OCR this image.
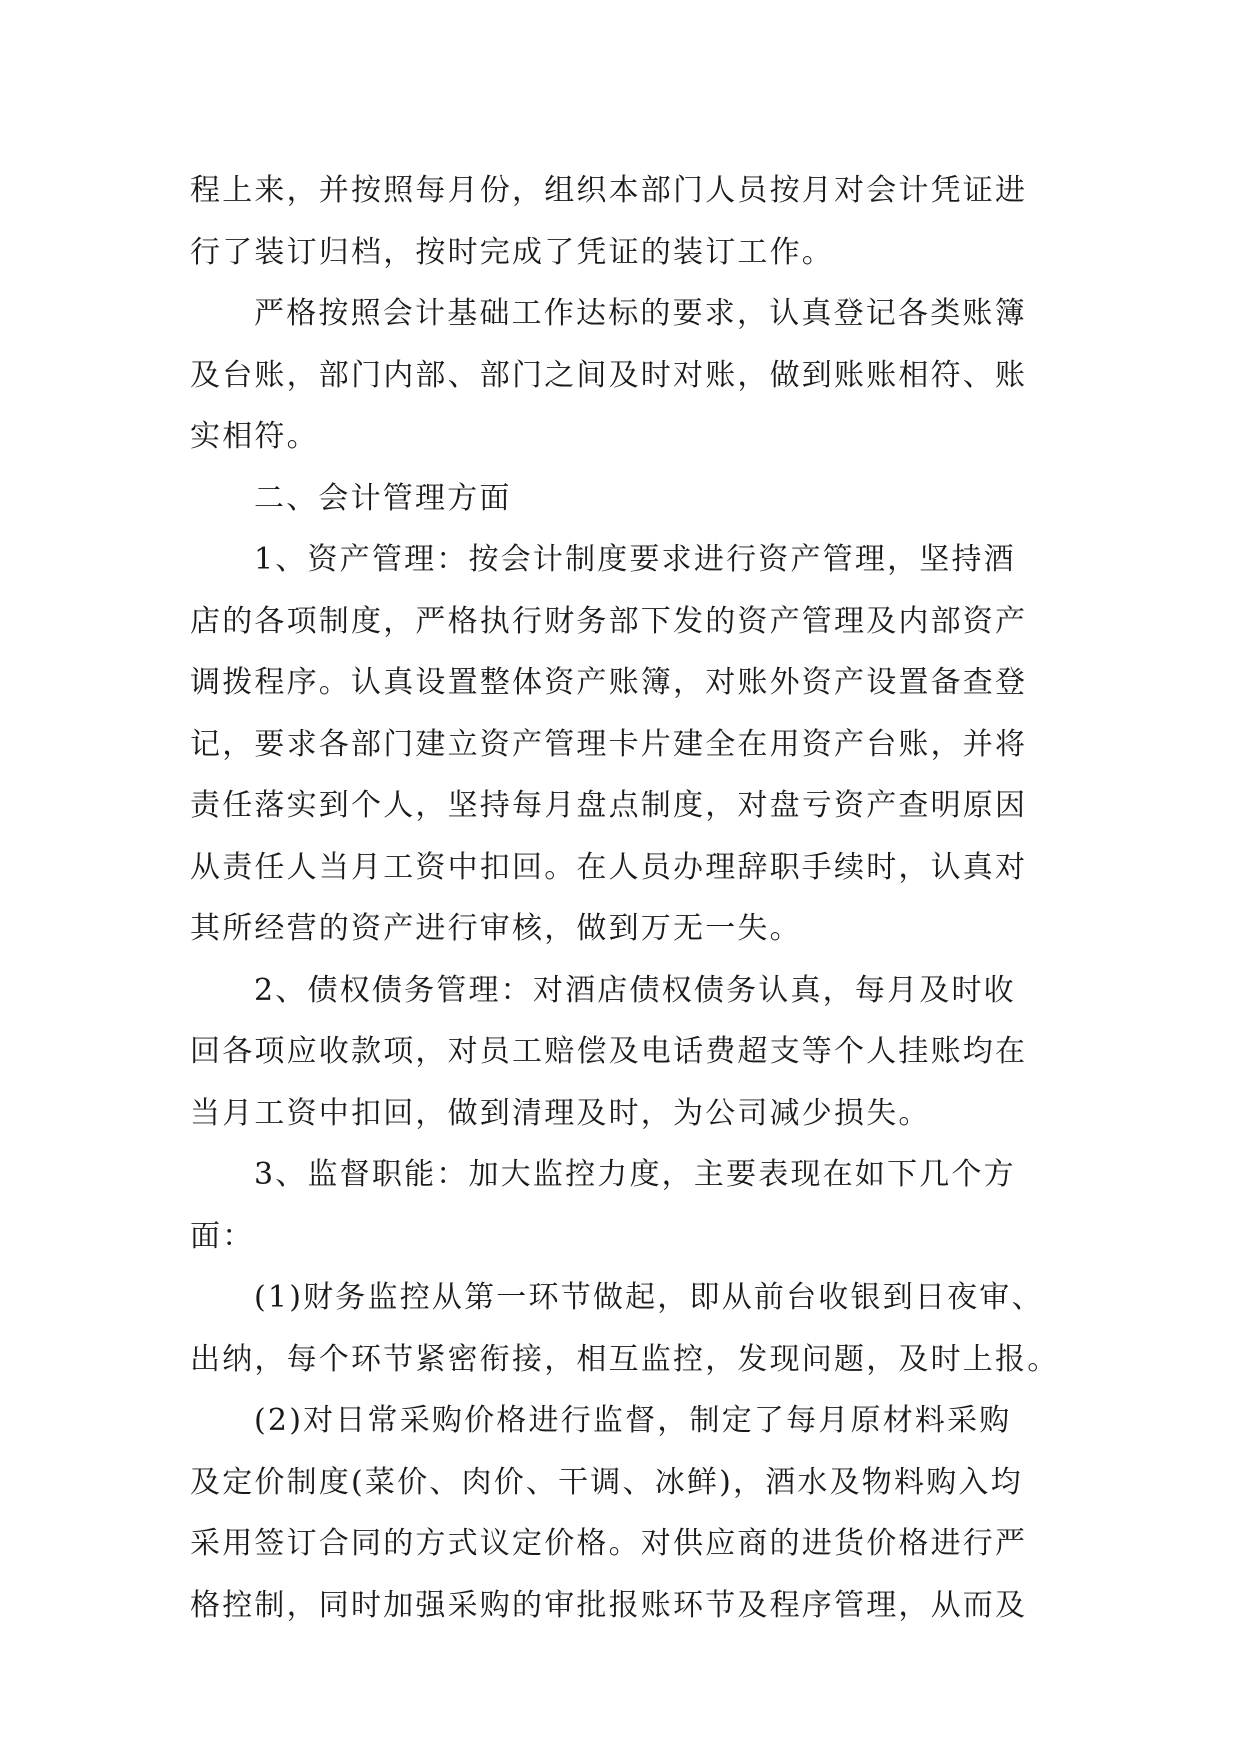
程上来，并按照每月份，组织本部门人员按月对会计凭证进
行了装订归档，按时完成了凭证的装订工作。
严格按照会计基础工作达标的要求，认真登记各类账簿
及台账，部门内部、部门之间及时对账，做到账账相符、账
实相符。
二、会计管理方面
1、资产管理：按会计制度要求进行资产管理，坚持酒
店的各项制度，严格执行财务部下发的资产管理及内部资产
调拨程序。认真设置整体资产账簿，对账外资产设置备查登
记，要求各部门建立资产管理卡片建全在用资产台账，并将
责任落实到个人，坚持每月盘点制度，对盘亏资产查明原因
从责任人当月工资中扣回。在人员办理辞职手续时，认真对
其所经营的资产进行审核，做到万无一失。
2、债权债务管理：对酒店债权债务认真，每月及时收
回各项应收款项，对员工赔偿及电话费超支等个人挂账均在
当月工资中扣回，做到清理及时，为公司减少损失。
3、监督职能：加大监控力度，主要表现在如下几个方
面：
(1)财务监控从第一环节做起，即从前台收银到日夜审、
出纳，每个环节紧密衔接，相互监控，发现问题，及时上报。
(2)对日常采购价格进行监督，制定了每月原材料采购
及定价制度(菜价、肉价、干调、冰鲜)，酒水及物料购入均
采用签订合同的方式议定价格。对供应商的进货价格进行严
格控制，同时加强采购的审批报账环节及程序管理，从而及
